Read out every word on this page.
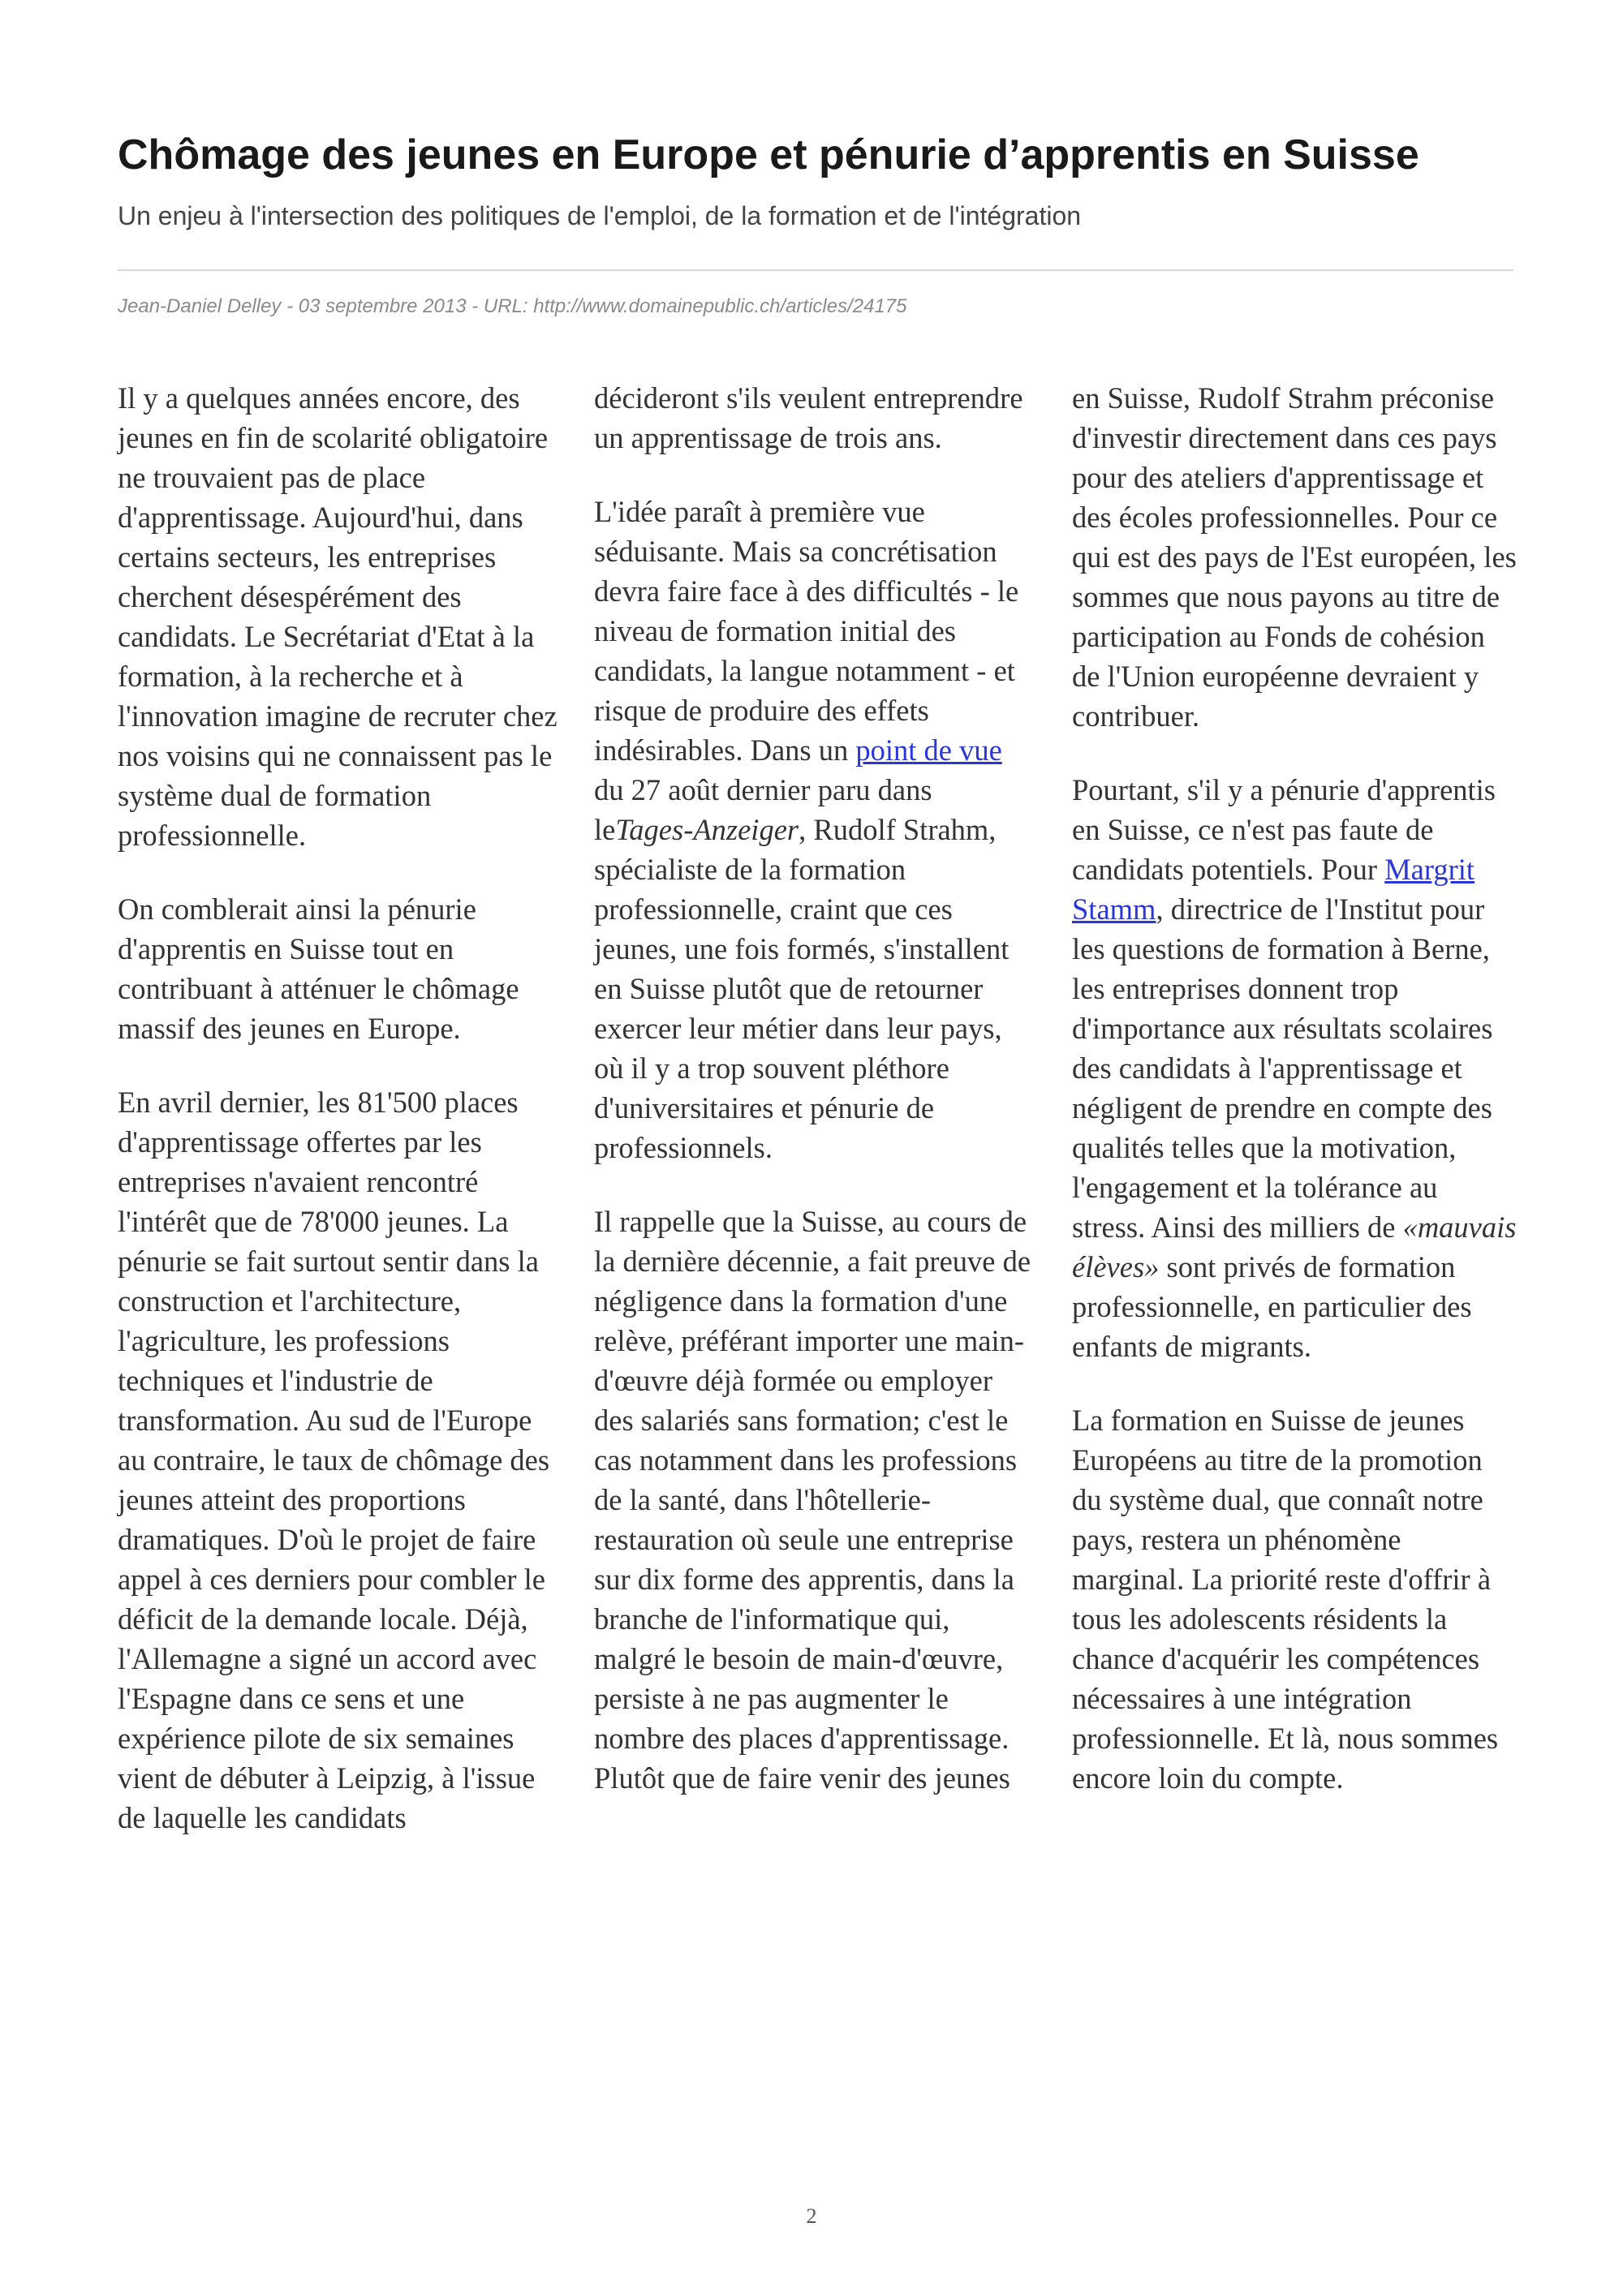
Chômage des jeunes en Europe et pénurie d’apprentis en Suisse

Un enjeu à l'intersection des politiques de l'emploi, de la formation et de l'intégration

Jean-Daniel Delley - 03 septembre 2013 - URL: http://www.domainepublic.ch/articles/24175

Il y a quelques années encore, des jeunes en fin de scolarité obligatoire ne trouvaient pas de place d'apprentissage. Aujourd'hui, dans certains secteurs, les entreprises cherchent désespérément des candidats. Le Secrétariat d'Etat à la formation, à la recherche et à l'innovation imagine de recruter chez nos voisins qui ne connaissent pas le système dual de formation professionnelle.

On comblerait ainsi la pénurie d'apprentis en Suisse tout en contribuant à atténuer le chômage massif des jeunes en Europe.

En avril dernier, les 81'500 places d'apprentissage offertes par les entreprises n'avaient rencontré l'intérêt que de 78'000 jeunes. La pénurie se fait surtout sentir dans la construction et l'architecture, l'agriculture, les professions techniques et l'industrie de transformation. Au sud de l'Europe au contraire, le taux de chômage des jeunes atteint des proportions dramatiques. D'où le projet de faire appel à ces derniers pour combler le déficit de la demande locale. Déjà, l'Allemagne a signé un accord avec l'Espagne dans ce sens et une expérience pilote de six semaines vient de débuter à Leipzig, à l'issue de laquelle les candidats

décideront s'ils veulent entreprendre un apprentissage de trois ans.

L'idée paraît à première vue séduisante. Mais sa concrétisation devra faire face à des difficultés - le niveau de formation initial des candidats, la langue notamment - et risque de produire des effets indésirables. Dans un point de vue du 27 août dernier paru dans leTages-Anzeiger, Rudolf Strahm, spécialiste de la formation professionnelle, craint que ces jeunes, une fois formés, s'installent en Suisse plutôt que de retourner exercer leur métier dans leur pays, où il y a trop souvent pléthore d'universitaires et pénurie de professionnels.

Il rappelle que la Suisse, au cours de la dernière décennie, a fait preuve de négligence dans la formation d'une relève, préférant importer une main-d'œuvre déjà formée ou employer des salariés sans formation; c'est le cas notamment dans les professions de la santé, dans l'hôtellerie-restauration où seule une entreprise sur dix forme des apprentis, dans la branche de l'informatique qui, malgré le besoin de main-d'œuvre, persiste à ne pas augmenter le nombre des places d'apprentissage. Plutôt que de faire venir des jeunes

en Suisse, Rudolf Strahm préconise d'investir directement dans ces pays pour des ateliers d'apprentissage et des écoles professionnelles. Pour ce qui est des pays de l'Est européen, les sommes que nous payons au titre de participation au Fonds de cohésion de l'Union européenne devraient y contribuer.

Pourtant, s'il y a pénurie d'apprentis en Suisse, ce n'est pas faute de candidats potentiels. Pour Margrit Stamm, directrice de l'Institut pour les questions de formation à Berne, les entreprises donnent trop d'importance aux résultats scolaires des candidats à l'apprentissage et négligent de prendre en compte des qualités telles que la motivation, l'engagement et la tolérance au stress. Ainsi des milliers de «mauvais élèves» sont privés de formation professionnelle, en particulier des enfants de migrants.

La formation en Suisse de jeunes Européens au titre de la promotion du système dual, que connaît notre pays, restera un phénomène marginal. La priorité reste d'offrir à tous les adolescents résidents la chance d'acquérir les compétences nécessaires à une intégration professionnelle. Et là, nous sommes encore loin du compte.

2
